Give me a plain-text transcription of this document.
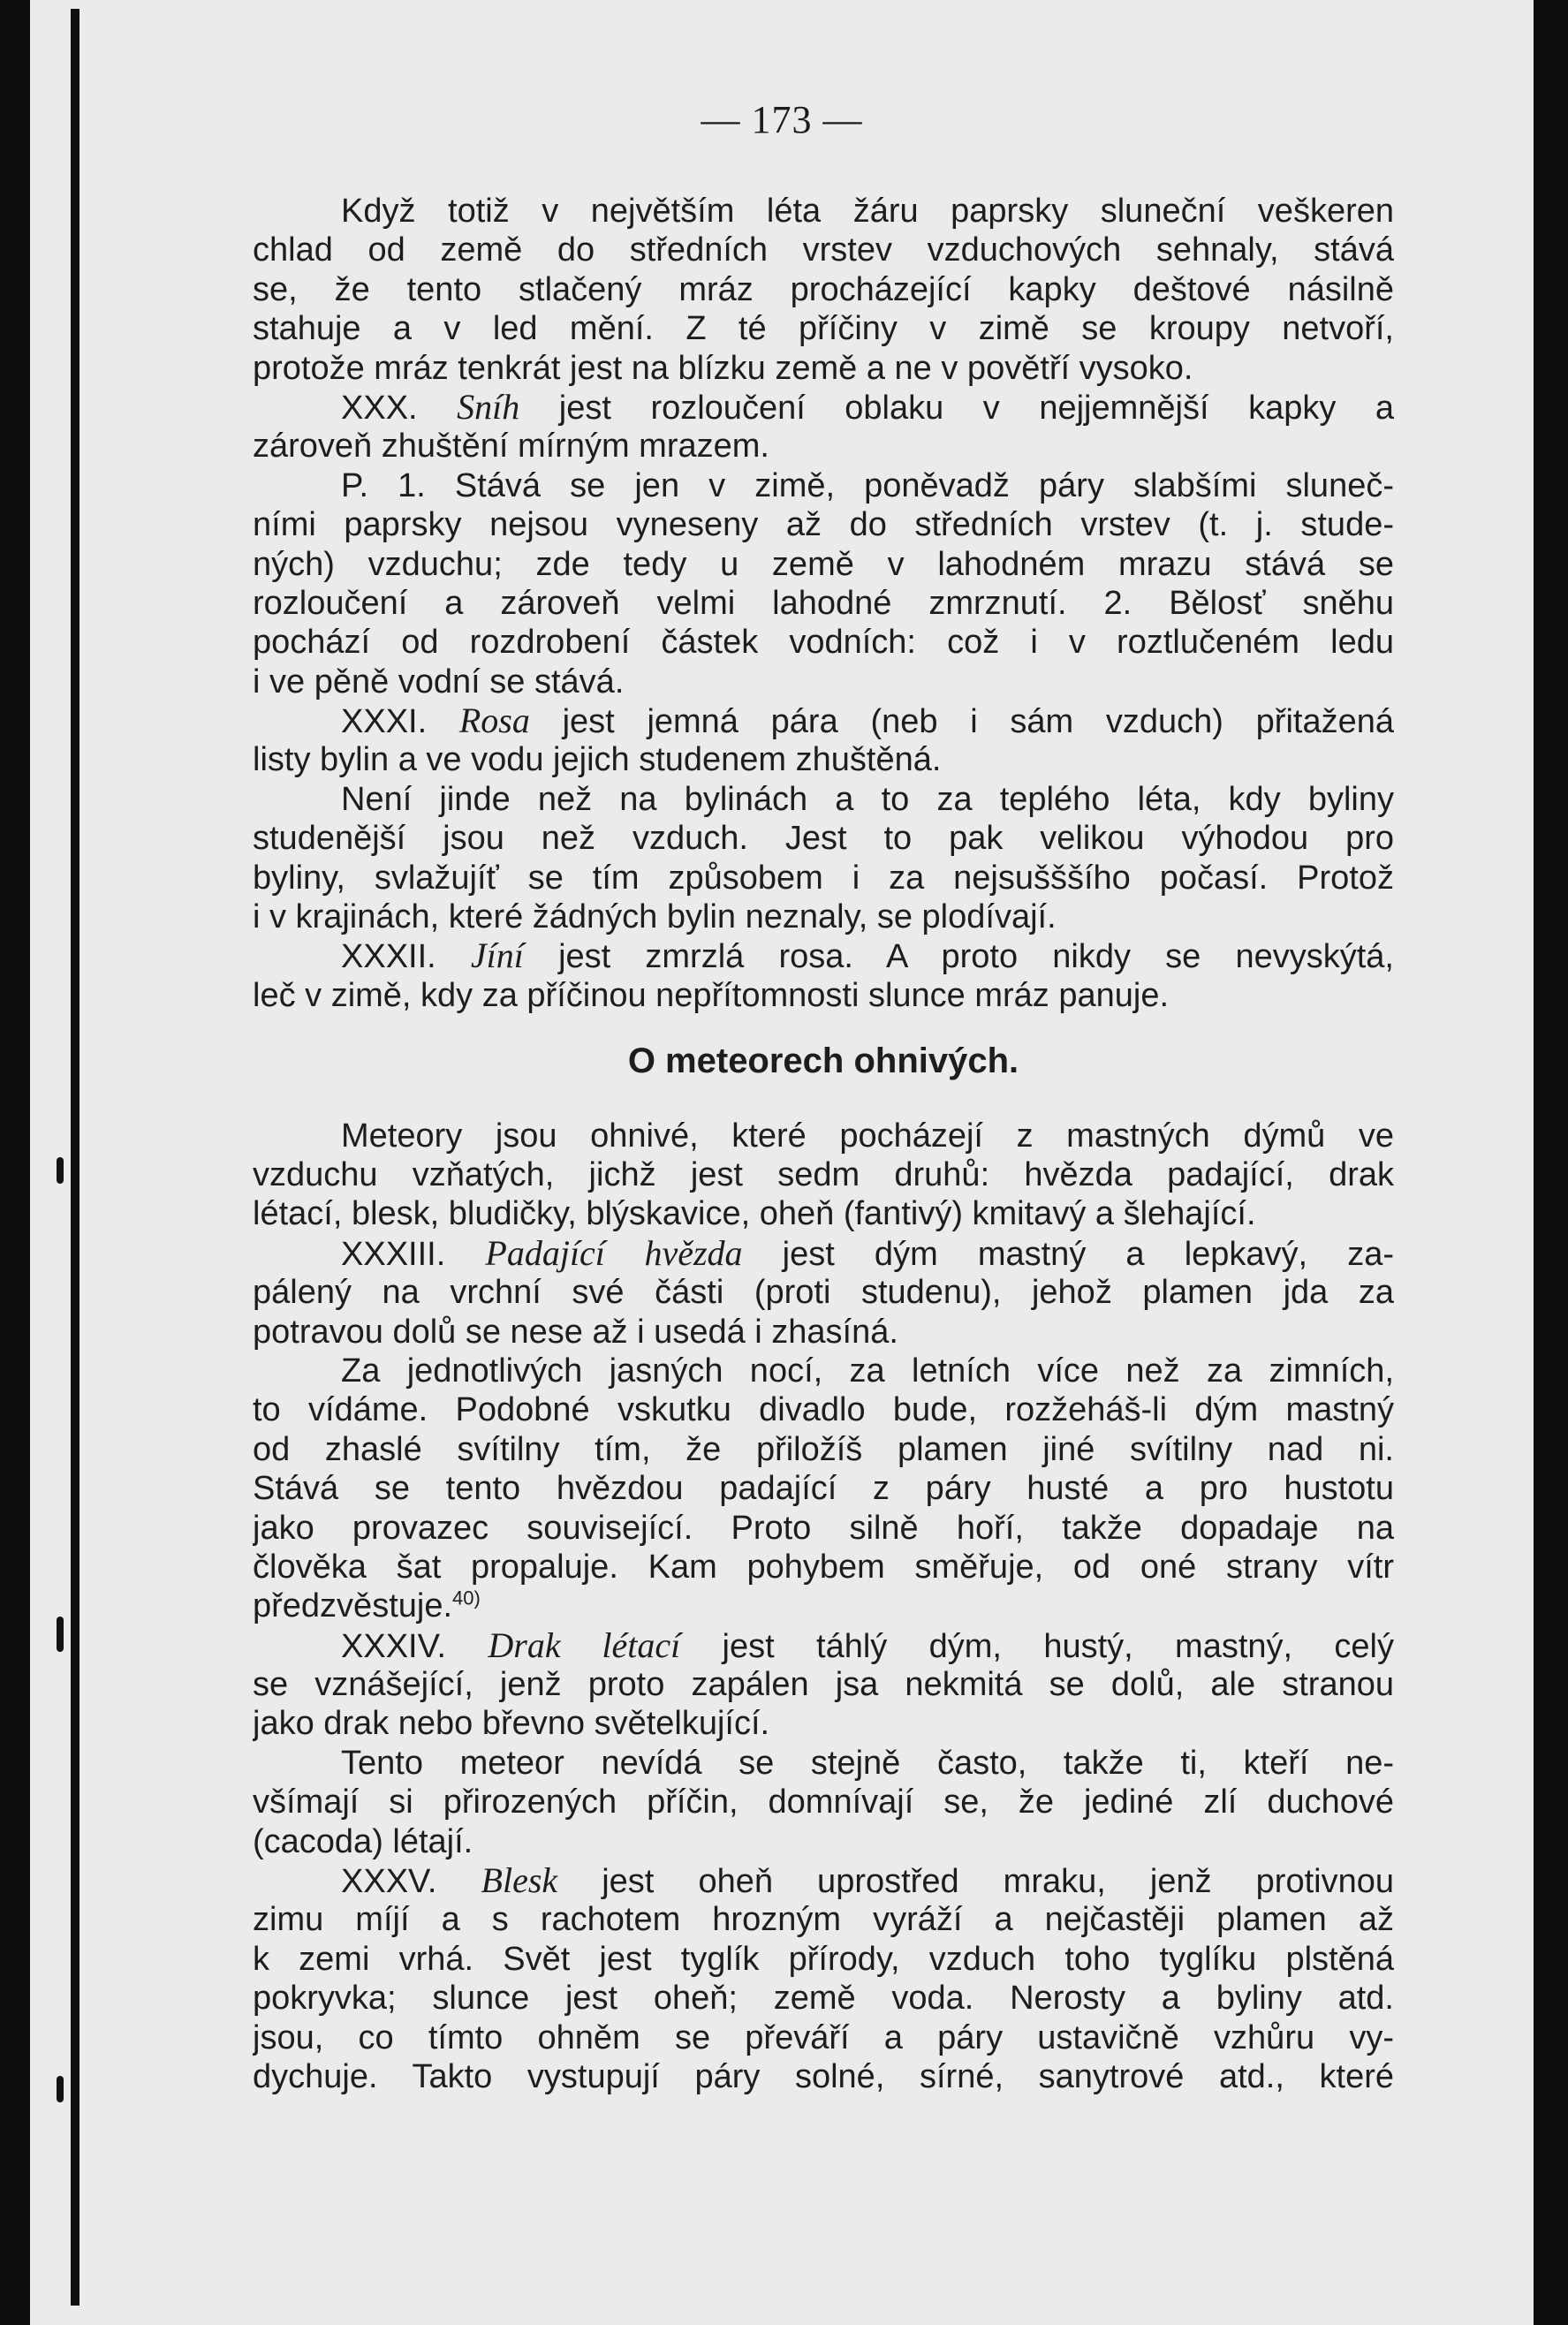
— 173 —
Když totiž v největším léta žáru paprsky sluneční veškeren
chlad od země do středních vrstev vzduchových sehnaly, stává
se, že tento stlačený mráz procházející kapky deštové násilně
stahuje a v led mění. Z té příčiny v zimě se kroupy netvoří,
protože mráz tenkrát jest na blízku země a ne v povětří vysoko.
XXX. Sníh jest rozloučení oblaku v nejjemnější kapky a
zároveň zhuštění mírným mrazem.
P. 1. Stává se jen v zimě, poněvadž páry slabšími sluneč-
ními paprsky nejsou vyneseny až do středních vrstev (t. j. stude-
ných) vzduchu; zde tedy u země v lahodném mrazu stává se
rozloučení a zároveň velmi lahodné zmrznutí. 2. Bělosť sněhu
pochází od rozdrobení částek vodních: což i v roztlučeném ledu
i ve pěně vodní se stává.
XXXI. Rosa jest jemná pára (neb i sám vzduch) přitažená
listy bylin a ve vodu jejich studenem zhuštěná.
Není jinde než na bylinách a to za teplého léta, kdy byliny
studenější jsou než vzduch. Jest to pak velikou výhodou pro
byliny, svlažujíť se tím způsobem i za nejsušššího počasí. Protož
i v krajinách, které žádných bylin neznaly, se plodívají.
XXXII. Jíní jest zmrzlá rosa. A proto nikdy se nevyskýtá,
leč v zimě, kdy za příčinou nepřítomnosti slunce mráz panuje.
O meteorech ohnivých.
Meteory jsou ohnivé, které pocházejí z mastných dýmů ve
vzduchu vzňatých, jichž jest sedm druhů: hvězda padající, drak
létací, blesk, bludičky, blýskavice, oheň (fantivý) kmitavý a šlehající.
XXXIII. Padající hvězda jest dým mastný a lepkavý, za-
pálený na vrchní své části (proti studenu), jehož plamen jda za
potravou dolů se nese až i usedá i zhasíná.
Za jednotlivých jasných nocí, za letních více než za zimních,
to vídáme. Podobné vskutku divadlo bude, rozžeháš-li dým mastný
od zhaslé svítilny tím, že přiložíš plamen jiné svítilny nad ni.
Stává se tento hvězdou padající z páry husté a pro hustotu
jako provazec související. Proto silně hoří, takže dopadaje na
člověka šat propaluje. Kam pohybem směřuje, od oné strany vítr
předzvěstuje.$^{40)}$
XXXIV. Drak létací jest táhlý dým, hustý, mastný, celý
se vznášející, jenž proto zapálen jsa nekmitá se dolů, ale stranou
jako drak nebo břevno světelkující.
Tento meteor nevídá se stejně často, takže ti, kteří ne-
všímají si přirozených příčin, domnívají se, že jediné zlí duchové
(cacoda) létají.
XXXV. Blesk jest oheň uprostřed mraku, jenž protivnou
zimu míjí a s rachotem hrozným vyráží a nejčastěji plamen až
k zemi vrhá. Svět jest tyglík přírody, vzduch toho tyglíku plstěná
pokryvka; slunce jest oheň; země voda. Nerosty a byliny atd.
jsou, co tímto ohněm se převáří a páry ustavičně vzhůru vy-
dychuje. Takto vystupují páry solné, sírné, sanytrové atd., které
